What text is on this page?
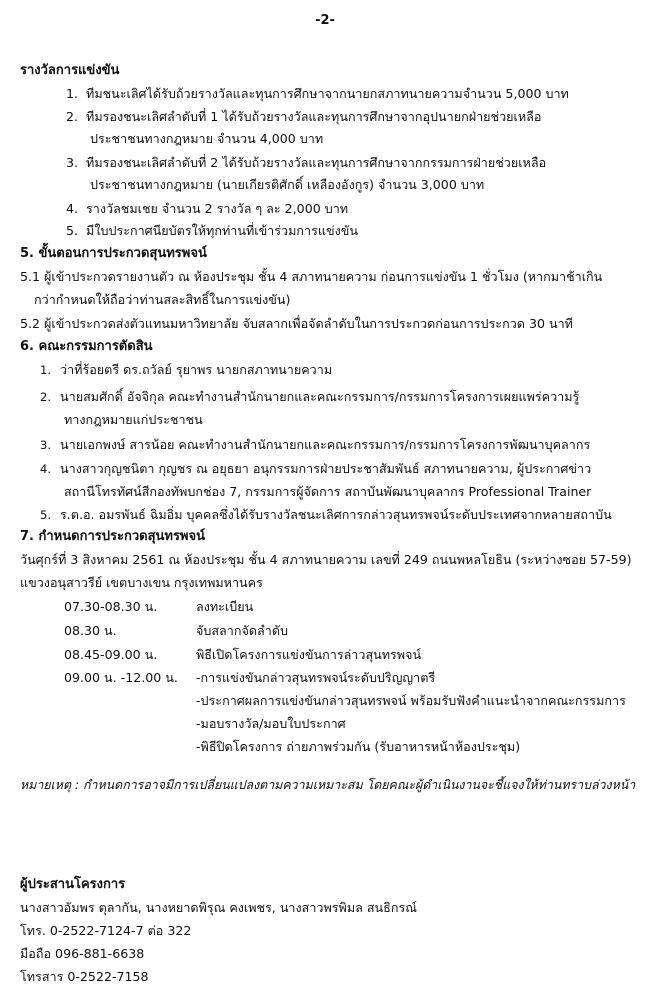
-2-
รางวัลการแข่งขัน
1. ทีมชนะเลิศได้รับถ้วยรางวัลและทุนการศึกษาจากนายกสภาทนายความจำนวน 5,000 บาท
2. ทีมรองชนะเลิศลำดับที่ 1 ได้รับถ้วยรางวัลและทุนการศึกษาจากอุปนายกฝ่ายช่วยเหลือ
ประชาชนทางกฎหมาย จำนวน 4,000 บาท
3. ทีมรองชนะเลิศลำดับที่ 2 ได้รับถ้วยรางวัลและทุนการศึกษาจากกรรมการฝ่ายช่วยเหลือ
ประชาชนทางกฎหมาย (นายเกียรติศักดิ์ เหลืองอังกูร) จำนวน 3,000 บาท
4. รางวัลชมเชย จำนวน 2 รางวัล ๆ ละ 2,000 บาท
5. มีใบประกาศนียบัตรให้ทุกท่านที่เข้าร่วมการแข่งขัน
5. ขั้นตอนการประกวดสุนทรพจน์
5.1 ผู้เข้าประกวดรายงานตัว ณ ห้องประชุม ชั้น 4 สภาทนายความ ก่อนการแข่งขัน 1 ชั่วโมง (หากมาช้าเกิน
กว่ากำหนดให้ถือว่าท่านสละสิทธิ์ในการแข่งขัน)
5.2 ผู้เข้าประกวดส่งตัวแทนมหาวิทยาลัย จับสลากเพื่อจัดลำดับในการประกวดก่อนการประกวด 30 นาที
6. คณะกรรมการตัดสิน
1. ว่าที่ร้อยตรี ดร.ถวัลย์ รุยาพร นายกสภาทนายความ
2. นายสมศักดิ์ อัจจิกุล คณะทำงานสำนักนายกและคณะกรรมการ/กรรมการโครงการเผยแพร่ความรู้
ทางกฎหมายแก่ประชาชน
3. นายเอกพงษ์ สารน้อย คณะทำงานสำนักนายกและคณะกรรมการ/กรรมการโครงการพัฒนาบุคลากร
4. นางสาวกุญชนิตา กุญชร ณ อยุธยา อนุกรรมการฝ่ายประชาสัมพันธ์ สภาทนายความ, ผู้ประกาศข่าว
สถานีโทรทัศน์สีกองทัพบกช่อง 7, กรรมการผู้จัดการ สถาบันพัฒนาบุคลากร Professional Trainer
5. ร.ต.อ. อมรพันธ์ ฉิมอิ่ม บุคคลซึ่งได้รับรางวัลชนะเลิศการกล่าวสุนทรพจน์ระดับประเทศจากหลายสถาบัน
7. กำหนดการประกวดสุนทรพจน์
วันศุกร์ที่ 3 สิงหาคม 2561 ณ ห้องประชุม ชั้น 4 สภาทนายความ เลขที่ 249 ถนนพหลโยธิน (ระหว่างซอย 57-59)
แขวงอนุสาวรีย์ เขตบางเขน กรุงเทพมหานคร
07.30-08.30 น.	ลงทะเบียน
08.30 น.	จับสลากจัดลำดับ
08.45-09.00 น.	พิธีเปิดโครงการแข่งขันการล่าวสุนทรพจน์
09.00 น. -12.00 น. -การแข่งขันกล่าวสุนทรพจน์ระดับปริญญาตรี
-ประกาศผลการแข่งขันกล่าวสุนทรพจน์ พร้อมรับฟังคำแนะนำจากคณะกรรมการ
-มอบรางวัล/มอบใบประกาศ
-พิธีปิดโครงการ ถ่ายภาพร่วมกัน (รับอาหารหน้าห้องประชุม)
หมายเหตุ : กำหนดการอาจมีการเปลี่ยนแปลงตามความเหมาะสม โดยคณะผู้ดำเนินงานจะชี้แจงให้ท่านทราบล่วงหน้า
ผู้ประสานโครงการ
นางสาวอัมพร ตุลากัน, นางหยาดพิรุณ คงเพชร, นางสาวพรพิมล สนธิกรณ์
โทร. 0-2522-7124-7 ต่อ 322
มือถือ 096-881-6638
โทรสาร 0-2522-7158
